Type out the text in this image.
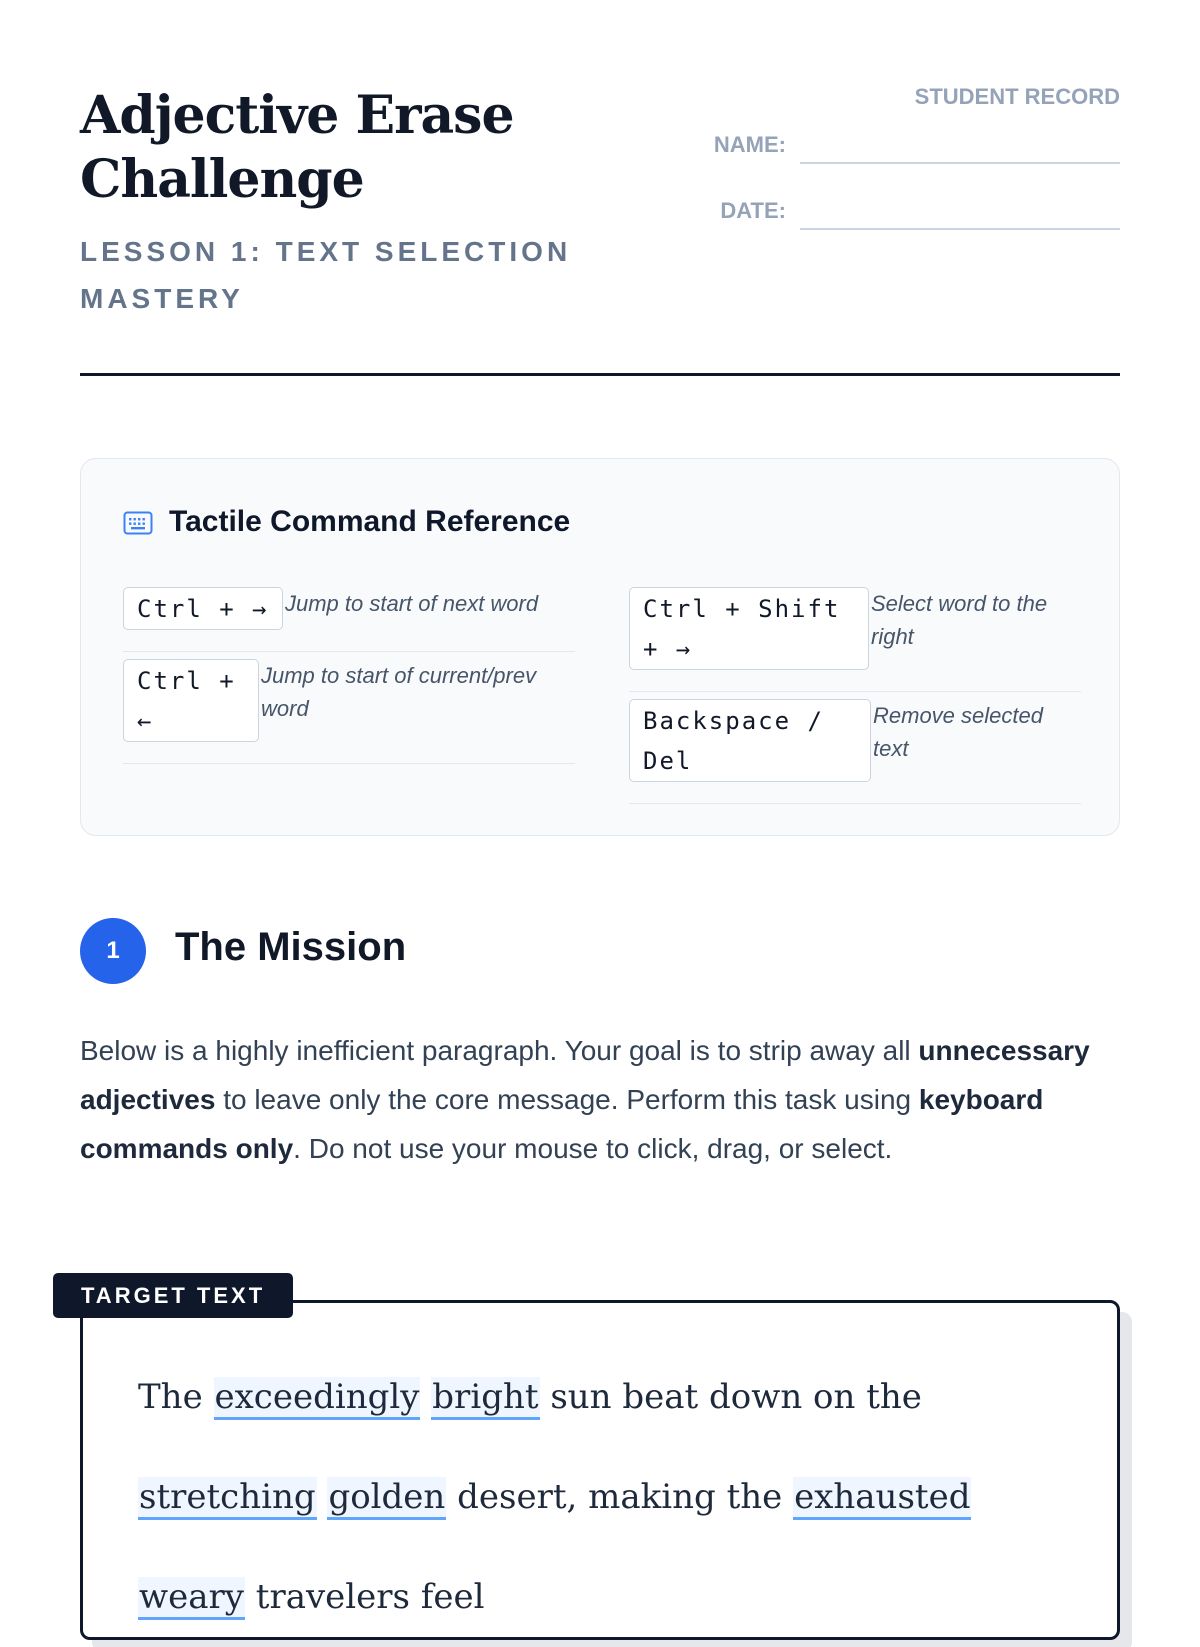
Adjective Erase Challenge
LESSON 1: TEXT SELECTION MASTERY
STUDENT RECORD
NAME:
DATE:
Tactile Command Reference
Ctrl + → Jump to start of next word
Ctrl + ←
Jump to start of current/prev word
Ctrl + Shift + →
Select word to the right
Backspace / Del
Remove selected text
1	The Mission
Below is a highly inefficient paragraph. Your goal is to strip away all unnecessary adjectives to leave only the core message. Perform this task using keyboard commands only. Do not use your mouse to click, drag, or select.
The exceedingly bright sun beat down on the stretching golden desert, making the exhausted weary travelers feel
TARGET TEXT
